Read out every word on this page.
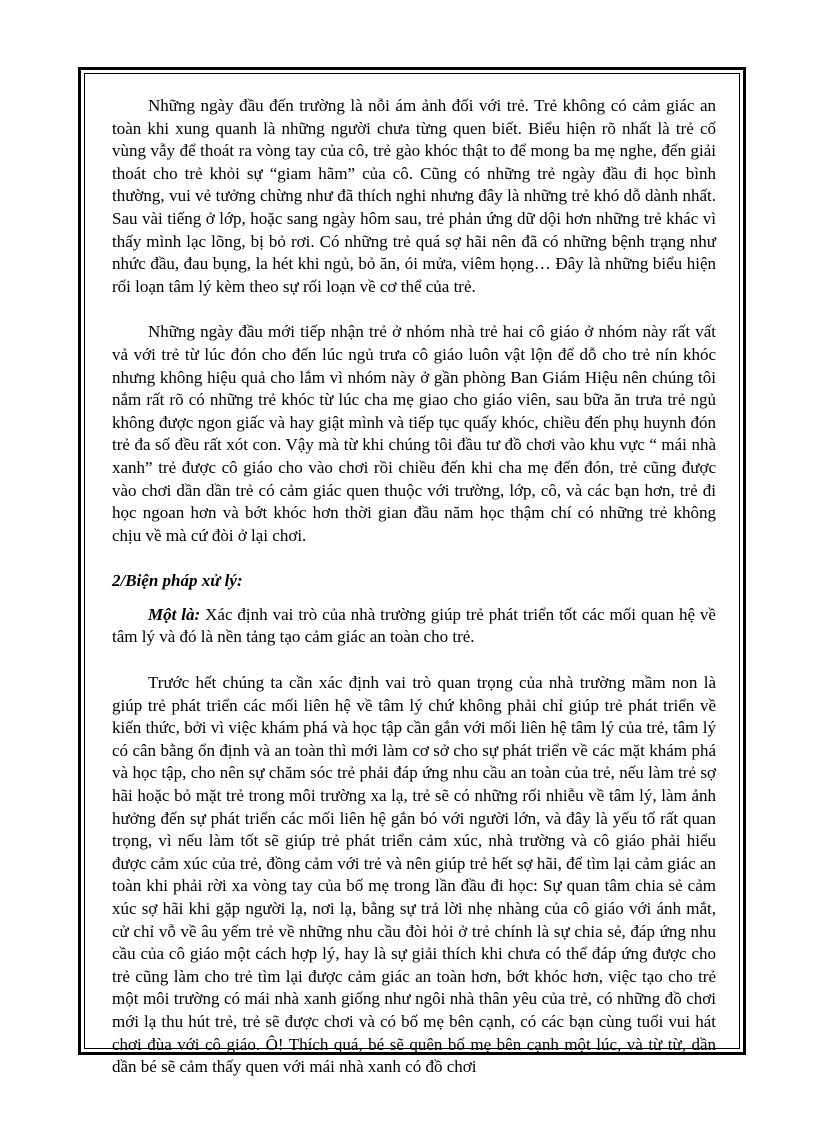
Những ngày đầu đến trường là nỗi ám ảnh đối với trẻ. Trẻ không có cảm giác an toàn khi xung quanh là những người chưa từng quen biết. Biểu hiện rõ nhất là trẻ cố vùng vẫy để thoát ra vòng tay của cô, trẻ gào khóc thật to để mong ba mẹ nghe, đến giải thoát cho trẻ khỏi sự “giam hãm” của cô. Cũng có những trẻ ngày đầu đi học bình thường, vui vẻ tưởng chừng như đã thích nghi nhưng đây là những trẻ khó dỗ dành nhất. Sau vài tiếng ở lớp, hoặc sang ngày hôm sau, trẻ phản ứng dữ dội hơn những trẻ khác vì thấy mình lạc lõng, bị bỏ rơi. Có những trẻ quá sợ hãi nên đã có những bệnh trạng như nhức đầu, đau bụng, la hét khi ngủ, bỏ ăn, ói mửa, viêm họng… Đây là những biểu hiện rối loạn tâm lý kèm theo sự rối loạn về cơ thể của trẻ.

Những ngày đầu mới tiếp nhận trẻ ở nhóm nhà trẻ hai cô giáo ở nhóm này rất vất vả với trẻ từ lúc đón cho đến lúc ngủ trưa cô giáo luôn vật lộn để dỗ cho trẻ nín khóc nhưng không hiệu quả cho lắm vì nhóm này ở gần phòng Ban Giám Hiệu nên chúng tôi nắm rất rõ có những trẻ khóc từ lúc cha mẹ giao cho giáo viên, sau bữa ăn trưa trẻ ngủ không được ngon giấc và hay giật mình và tiếp tục quấy khóc, chiều đến phụ huynh đón trẻ đa số đều rất xót con. Vậy mà từ khi chúng tôi đầu tư đồ chơi vào khu vực “ mái nhà xanh” trẻ được cô giáo cho vào chơi rồi chiều đến khi cha mẹ đến đón, trẻ cũng được vào chơi dần dần trẻ có cảm giác quen thuộc với trường, lớp, cô, và các bạn hơn, trẻ đi học ngoan hơn và bớt khóc hơn thời gian đầu năm học thậm chí có những trẻ không chịu về mà cứ đòi ở lại chơi.

2/Biện pháp xử lý:

Một là: Xác định vai trò của nhà trường giúp trẻ phát triển tốt các mối quan hệ về tâm lý và đó là nền tảng tạo cảm giác an toàn cho trẻ.

Trước hết chúng ta cần xác định vai trò quan trọng của nhà trường mầm non là giúp trẻ phát triển các mối liên hệ về tâm lý chứ không phải chỉ giúp trẻ phát triển về kiến thức, bởi vì việc khám phá và học tập cần gắn với mối liên hệ tâm lý của trẻ, tâm lý có cân bằng ổn định và an toàn thì mới làm cơ sở cho sự phát triển về các mặt khám phá và học tập, cho nên sự chăm sóc trẻ phải đáp ứng nhu cầu an toàn của trẻ, nếu làm trẻ sợ hãi hoặc bỏ mặt trẻ trong môi trường xa lạ, trẻ sẽ có những rối nhiễu về tâm lý, làm ảnh hưởng đến sự phát triển các mối liên hệ gắn bó với người lớn, và đây là yếu tố rất quan trọng, vì nếu làm tốt sẽ giúp trẻ phát triển cảm xúc, nhà trường và cô giáo phải hiểu được cảm xúc của trẻ, đồng cảm với trẻ và nên giúp trẻ hết sợ hãi, để tìm lại cảm giác an toàn khi phải rời xa vòng tay của bố mẹ trong lần đầu đi học: Sự quan tâm chia sẻ cảm xúc sợ hãi khi gặp người lạ, nơi lạ, bằng sự trả lời nhẹ nhàng của cô giáo với ánh mắt, cử chỉ vỗ về âu yếm trẻ về những nhu cầu đòi hỏi ở trẻ chính là sự chia sẻ, đáp ứng nhu cầu của cô giáo một cách hợp lý, hay là sự giải thích khi chưa có thể đáp ứng được cho trẻ cũng làm cho trẻ tìm lại được cảm giác an toàn hơn, bớt khóc hơn, việc tạo cho trẻ một môi trường có mái nhà xanh giống như ngôi nhà thân yêu của trẻ, có những đồ chơi mới lạ thu hút trẻ, trẻ sẽ được chơi và có bố mẹ bên cạnh, có các bạn cùng tuổi vui hát chơi đùa với cô giáo. Ô! Thích quá, bé sẽ quên bố mẹ bên cạnh một lúc, và từ từ, dần dần bé sẽ cảm thấy quen với mái nhà xanh có đồ chơi
